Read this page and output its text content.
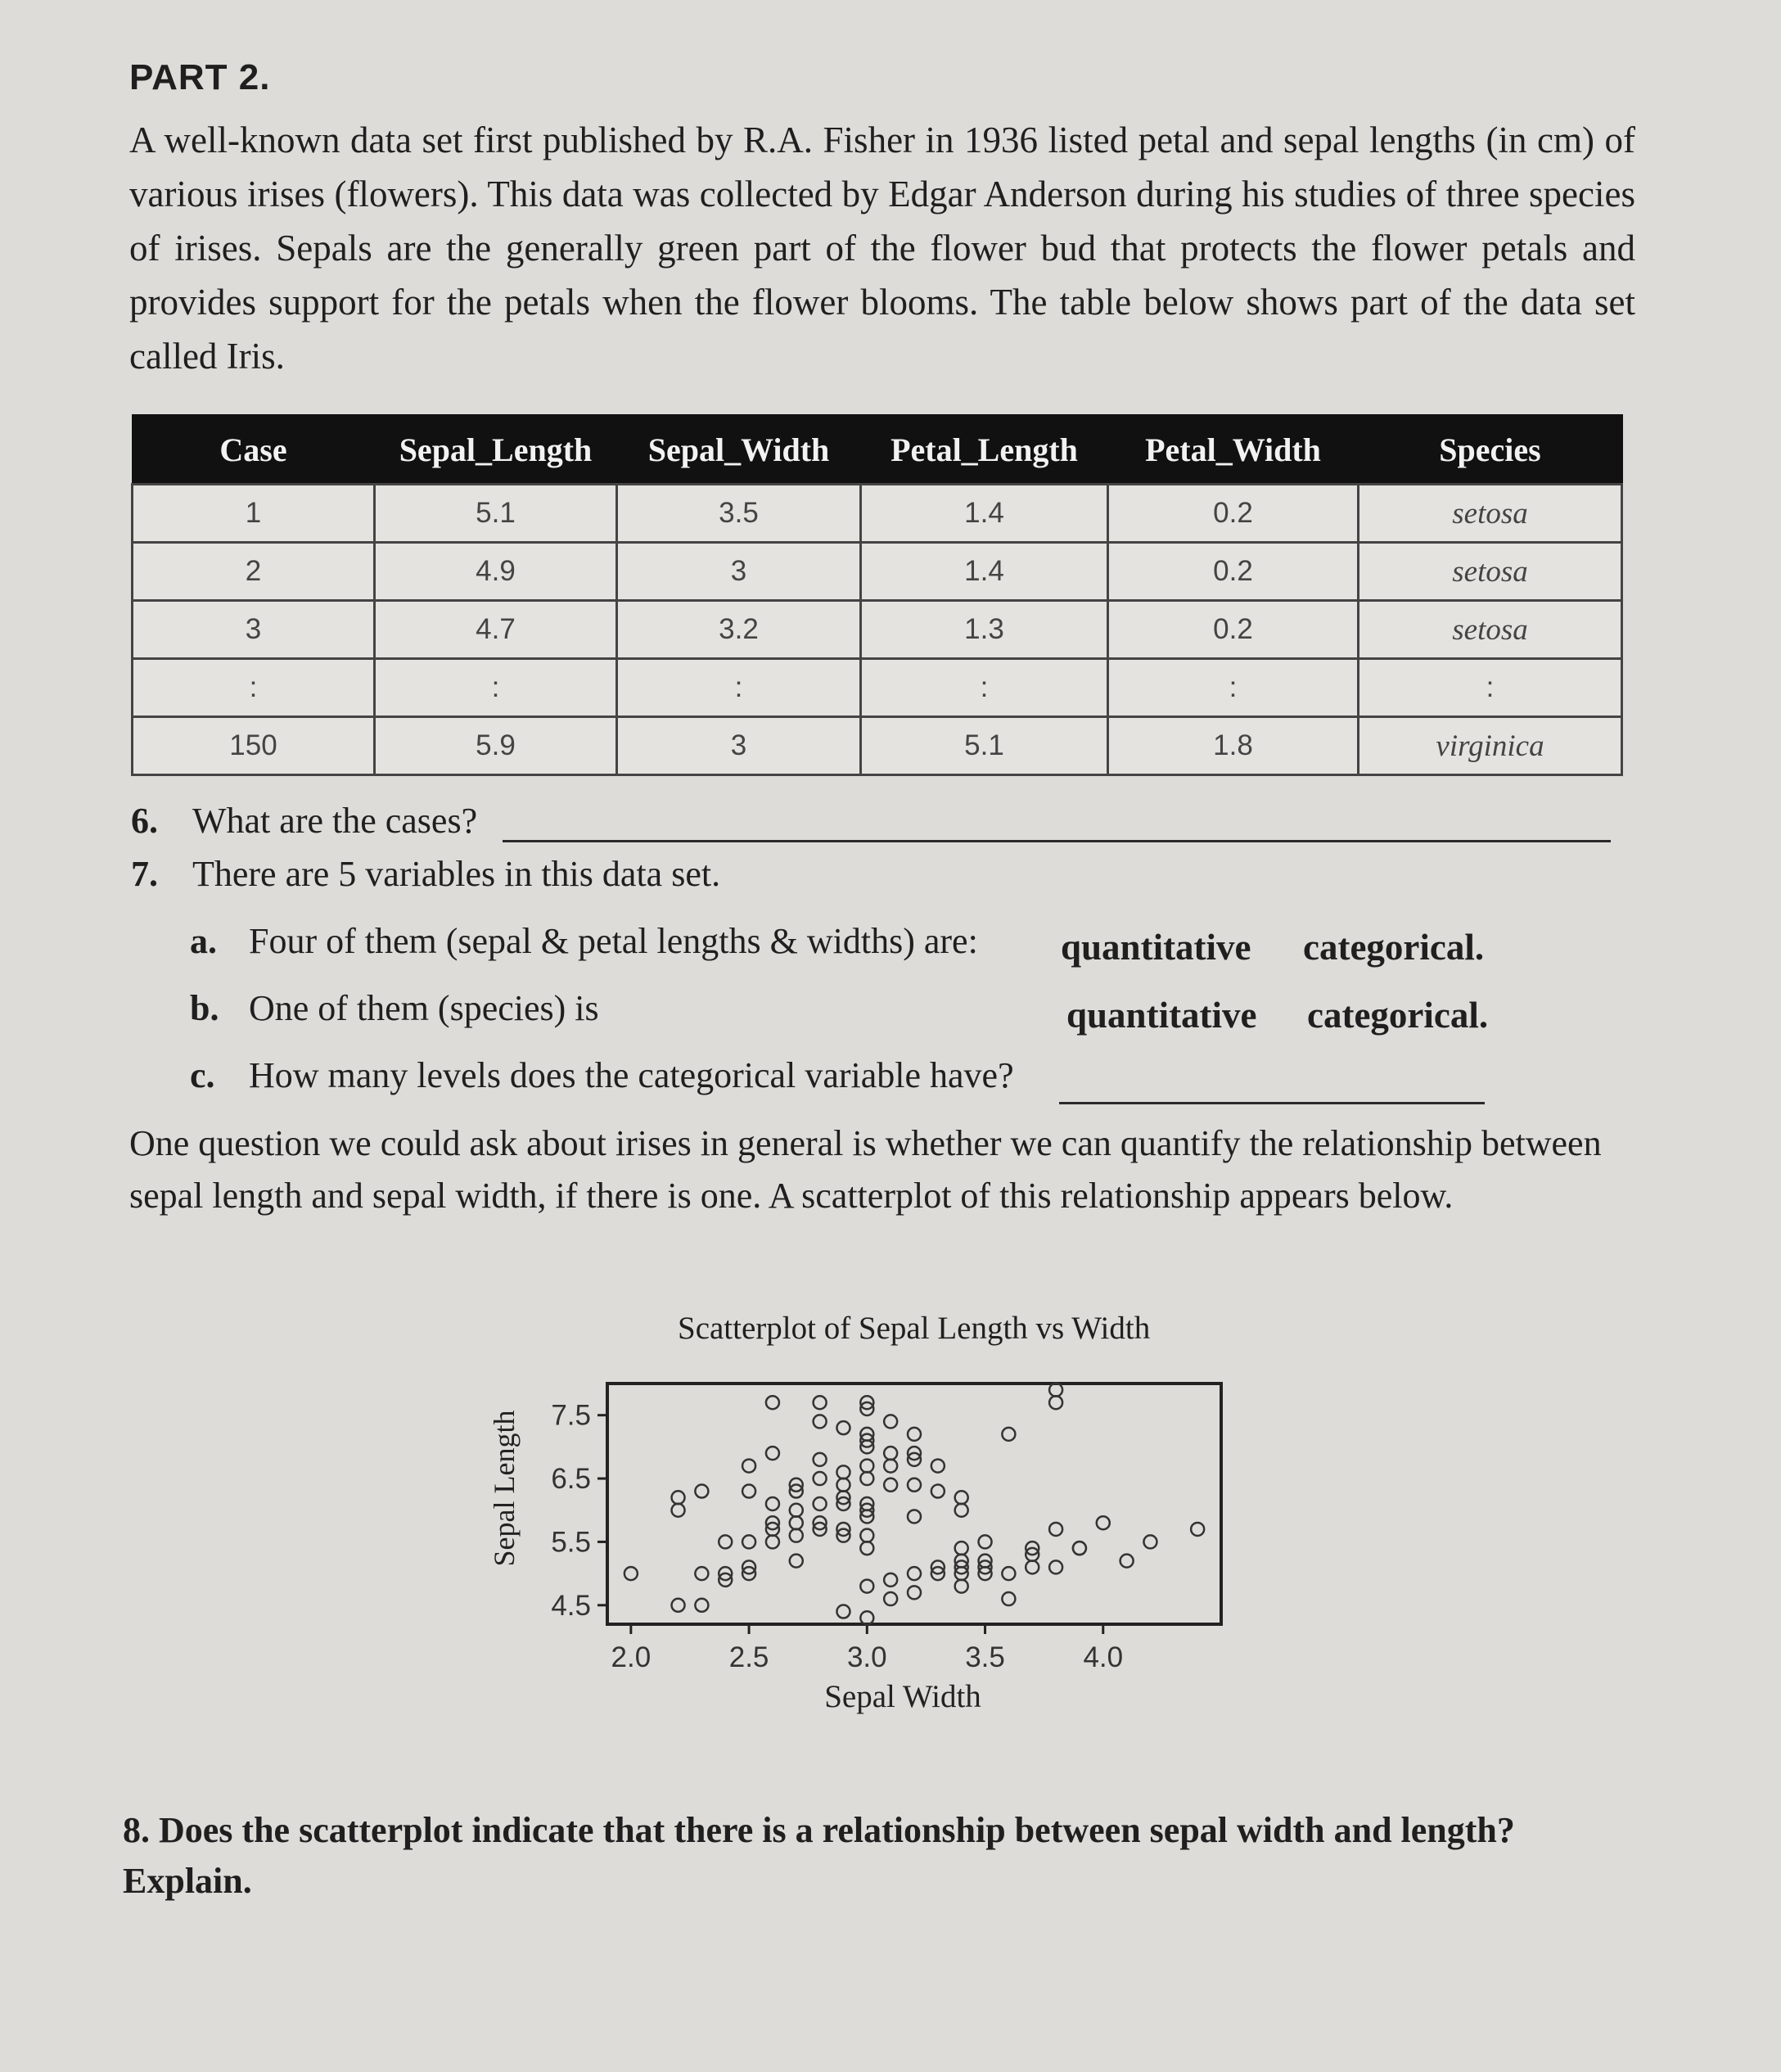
PART 2.
A well-known data set first published by R.A. Fisher in 1936 listed petal and sepal lengths (in cm) of various irises (flowers). This data was collected by Edgar Anderson during his studies of three species of irises. Sepals are the generally green part of the flower bud that protects the flower petals and provides support for the petals when the flower blooms. The table below shows part of the data set called Iris.
Case	Sepal_Length	Sepal_Width	Petal_Length	Petal_Width	Species
1	5.1	3.5	1.4	0.2	setosa
2	4.9	3	1.4	0.2	setosa
3	4.7	3.2	1.3	0.2	setosa
:	:	:	:	:	:
150	5.9	3	5.1	1.8	virginica
6. What are the cases?
7. There are 5 variables in this data set.
a. Four of them (sepal & petal lengths & widths) are: quantitative categorical.
b. One of them (species) is	quantitative categorical.
c. How many levels does the categorical variable have?
One question we could ask about irises in general is whether we can quantify the relationship between sepal length and sepal width, if there is one. A scatterplot of this relationship appears below.
Scatterplot of Sepal Length vs Width
4.5
5.5
6.5
7.5
2.0	2.5	3.0	3.5	4.0
Sepal Width
Sepal Length
8. Does the scatterplot indicate that there is a relationship between sepal width and length? Explain.
